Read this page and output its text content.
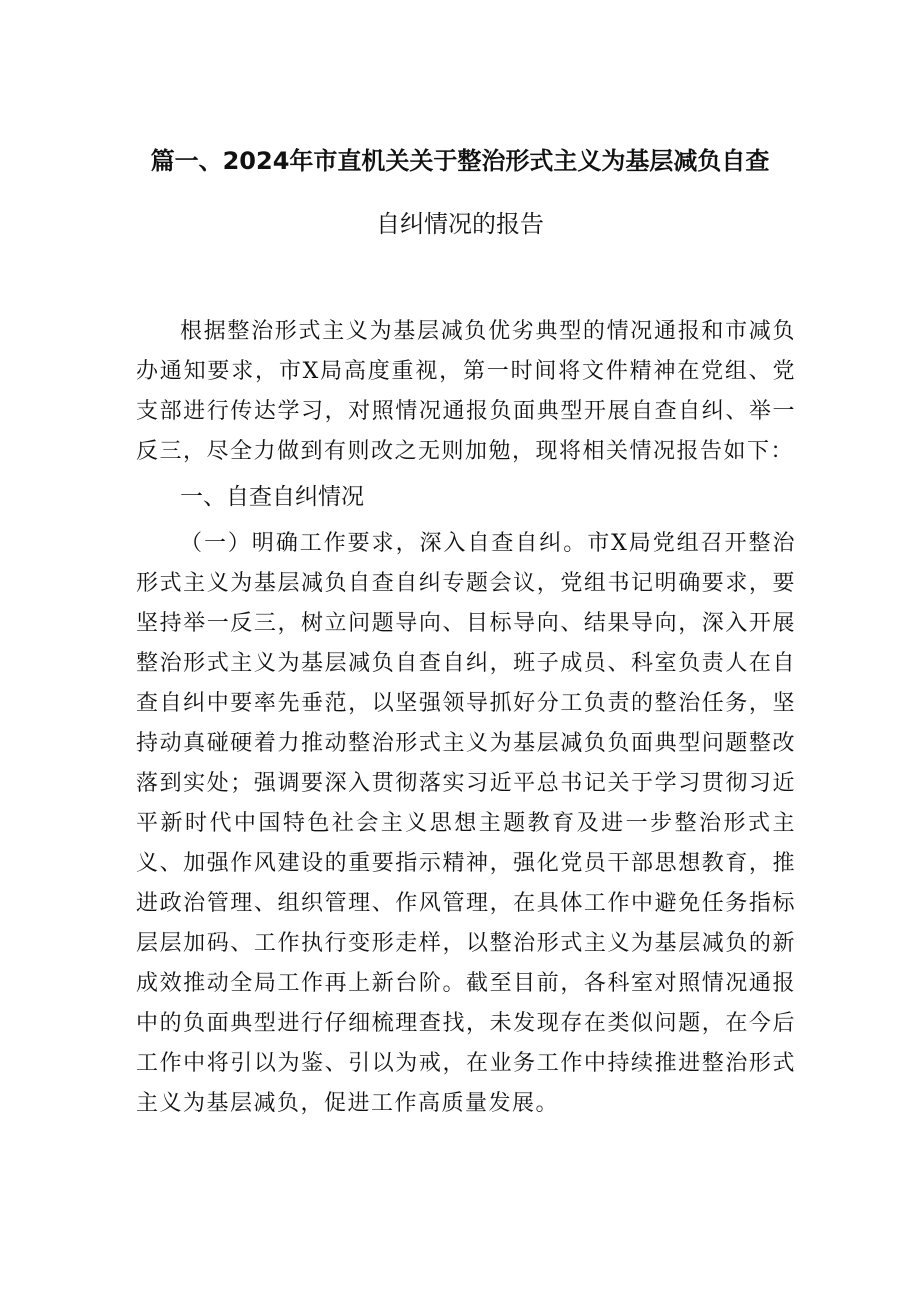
篇一、2024年市直机关关于整治形式主义为基层减负自查
自纠情况的报告

根据整治形式主义为基层减负优劣典型的情况通报和市减负办通知要求，市X局高度重视，第一时间将文件精神在党组、党支部进行传达学习，对照情况通报负面典型开展自查自纠、举一反三，尽全力做到有则改之无则加勉，现将相关情况报告如下：

一、自查自纠情况

（一）明确工作要求，深入自查自纠。市X局党组召开整治形式主义为基层减负自查自纠专题会议，党组书记明确要求，要坚持举一反三，树立问题导向、目标导向、结果导向，深入开展整治形式主义为基层减负自查自纠，班子成员、科室负责人在自查自纠中要率先垂范，以坚强领导抓好分工负责的整治任务，坚持动真碰硬着力推动整治形式主义为基层减负负面典型问题整改落到实处；强调要深入贯彻落实习近平总书记关于学习贯彻习近平新时代中国特色社会主义思想主题教育及进一步整治形式主义、加强作风建设的重要指示精神，强化党员干部思想教育，推进政治管理、组织管理、作风管理，在具体工作中避免任务指标层层加码、工作执行变形走样，以整治形式主义为基层减负的新成效推动全局工作再上新台阶。截至目前，各科室对照情况通报中的负面典型进行仔细梳理查找，未发现存在类似问题，在今后工作中将引以为鉴、引以为戒，在业务工作中持续推进整治形式主义为基层减负，促进工作高质量发展。
